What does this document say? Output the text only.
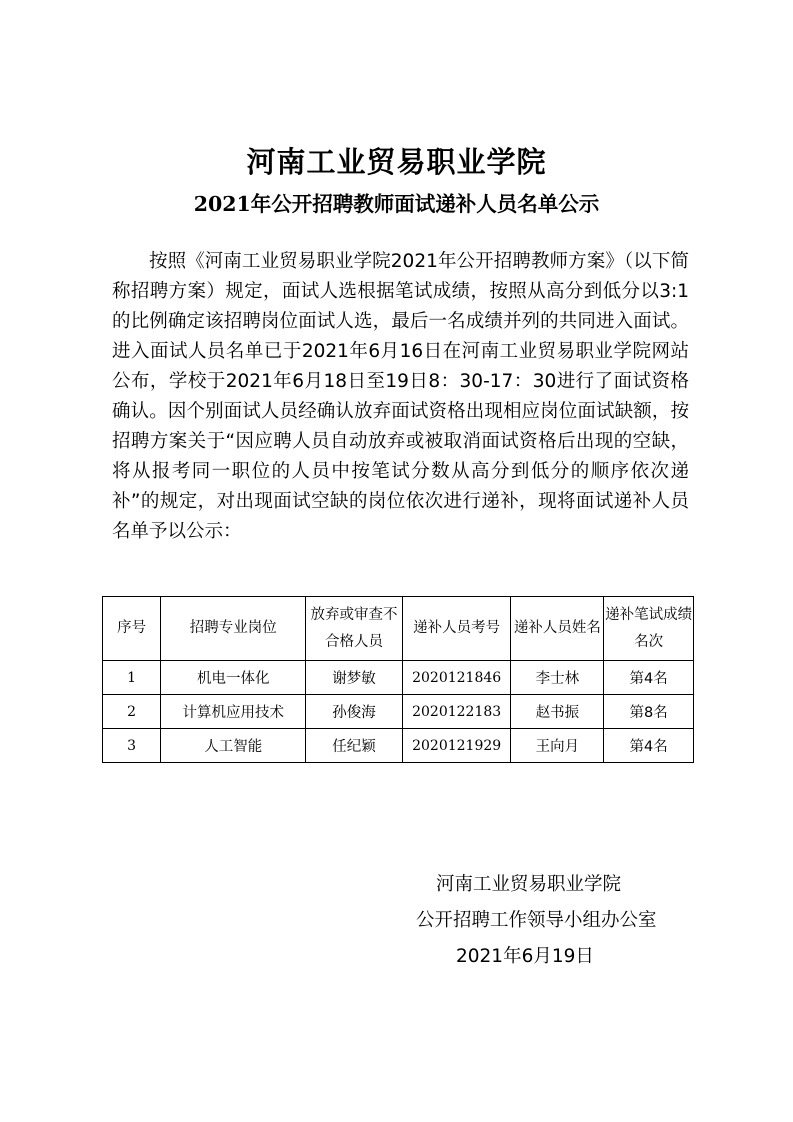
河南工业贸易职业学院
2021年公开招聘教师面试递补人员名单公示

按照《河南工业贸易职业学院2021年公开招聘教师方案》（以下简称招聘方案）规定，面试人选根据笔试成绩，按照从高分到低分以3:1的比例确定该招聘岗位面试人选，最后一名成绩并列的共同进入面试。进入面试人员名单已于2021年6月16日在河南工业贸易职业学院网站公布，学校于2021年6月18日至19日8：30-17：30进行了面试资格确认。因个别面试人员经确认放弃面试资格出现相应岗位面试缺额，按招聘方案关于“因应聘人员自动放弃或被取消面试资格后出现的空缺，将从报考同一职位的人员中按笔试分数从高分到低分的顺序依次递补”的规定，对出现面试空缺的岗位依次进行递补，现将面试递补人员名单予以公示：

序号	招聘专业岗位	放弃或审查不合格人员	递补人员考号	递补人员姓名	递补笔试成绩名次
1	机电一体化	谢梦敏	2020121846	李士林	第4名
2	计算机应用技术	孙俊海	2020122183	赵书振	第8名
3	人工智能	任纪颖	2020121929	王向月	第4名
河南工业贸易职业学院
公开招聘工作领导小组办公室
2021年6月19日
